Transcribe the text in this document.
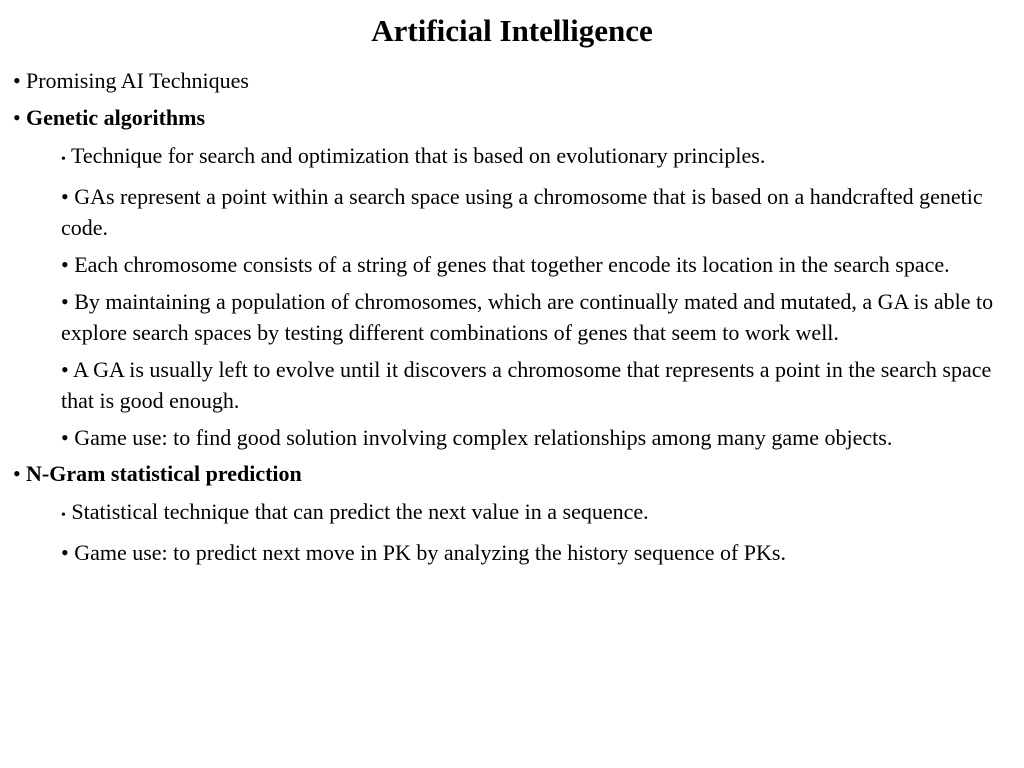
Artificial Intelligence
• Promising AI Techniques
• Genetic algorithms
• Technique for search and optimization that is based on evolutionary principles.
• GAs represent a point within a search space using a chromosome that is based on a handcrafted genetic code.
• Each chromosome consists of a string of genes that together encode its location in the search space.
• By maintaining a population of chromosomes, which are continually mated and mutated, a GA is able to explore search spaces by testing different combinations of genes that seem to work well.
• A GA is usually left to evolve until it discovers a chromosome that represents a point in the search space that is good enough.
• Game use: to find good solution involving complex relationships among many game objects.
• N-Gram statistical prediction
• Statistical technique that can predict the next value in a sequence.
• Game use: to predict next move in PK by analyzing the history sequence of PKs.
